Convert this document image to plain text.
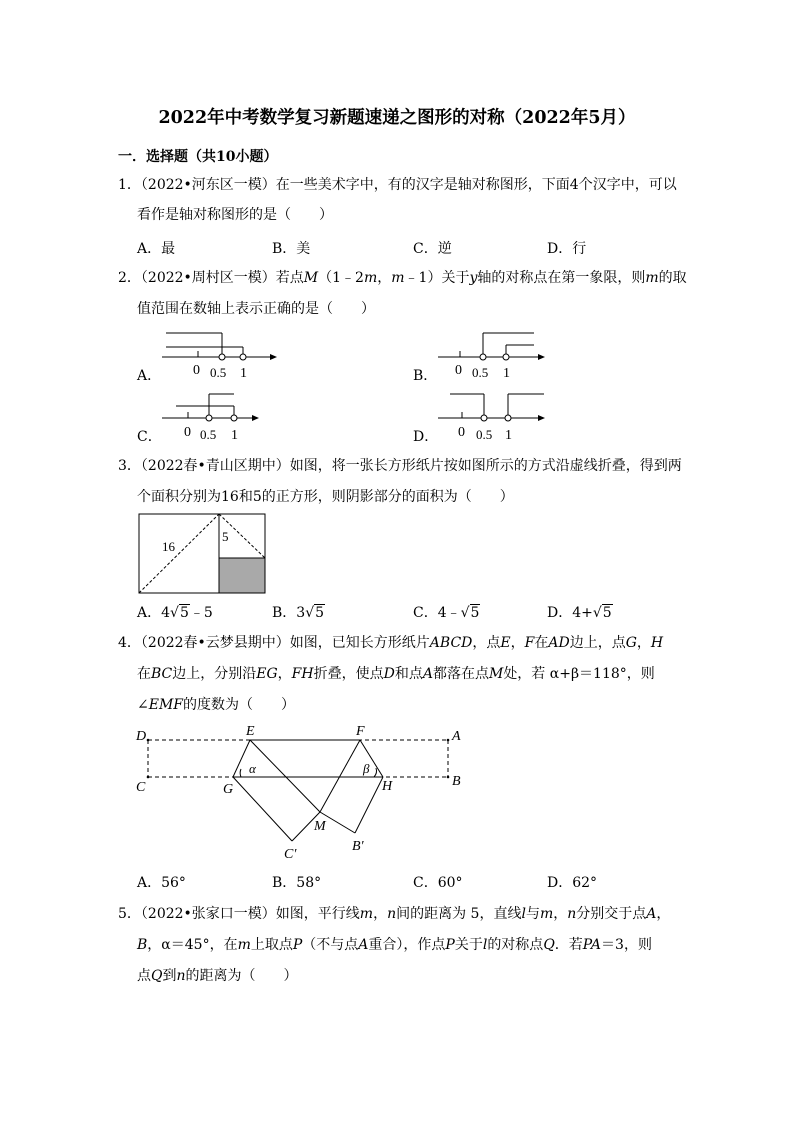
2022年中考数学复习新题速递之图形的对称（2022年5月）
一．选择题（共10小题）
1．（2022•河东区一模）在一些美术字中，有的汉字是轴对称图形，下面4个汉字中，可以
看作是轴对称图形的是（　　）
A．最	B．美	C．逆	D．行
2．（2022•周村区一模）若点M（1﹣2m，m﹣1）关于y轴的对称点在第一象限，则m的取
值范围在数轴上表示正确的是（　　）
A． 0 0.5 1	B． 0 0.5 1
C． 0 0.5 1	D． 0 0.5 1
3．（2022春•青山区期中）如图，将一张长方形纸片按如图所示的方式沿虚线折叠，得到两
个面积分别为16和5的正方形，则阴影部分的面积为（　　）
16
5
A．4√5﹣5	B．3√5	C．4﹣√5	D．4+√5
4．（2022春•云梦县期中）如图，已知长方形纸片ABCD，点E，F在AD边上，点G，H
在BC边上，分别沿EG，FH折叠，使点D和点A都落在点M处，若 α+β＝118°，则
∠EMF的度数为（　　）
D	E	F	A
C	G	H	B
M
C′
B′
α	β
A．56°	B．58°	C．60°	D．62°
5．（2022•张家口一模）如图，平行线m，n间的距离为 5，直线l与m，n分别交于点A，
B，α＝45°，在m上取点P（不与点A重合），作点P关于l的对称点Q．若PA＝3，则
点Q到n的距离为（　　）
